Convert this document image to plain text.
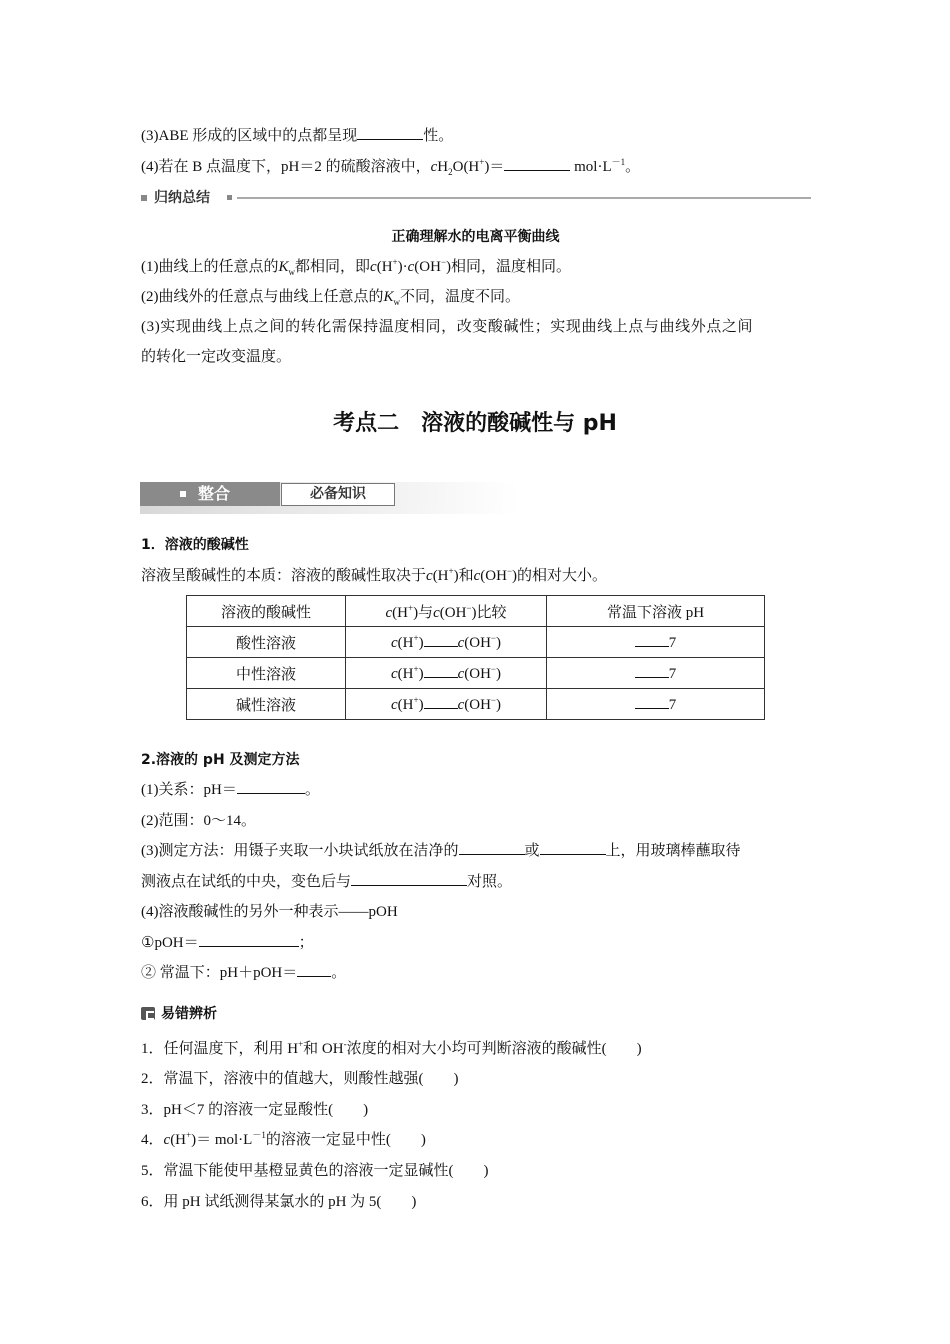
(3)ABE 形成的区域中的点都呈现	性。
(4)若在 B 点温度下，pH＝2 的硫酸溶液中，$cH_2O(H^+)=$	$mol\cdot L^{-1}$。
归纳总结
正确理解水的电离平衡曲线
(1)曲线上的任意点的$K_w$都相同，即c(H+)·c(OH−)相同，温度相同。
(2)曲线外的任意点与曲线上任意点的$K_w$不同，温度不同。
(3)实现曲线上点之间的转化需保持温度相同，改变酸碱性；实现曲线上点与曲线外点之间
的转化一定改变温度。
考点二　溶液的酸碱性与 pH
整合	必备知识
1．溶液的酸碱性
溶液呈酸碱性的本质：溶液的酸碱性取决于c(H+)和c(OH−)的相对大小。
溶液的酸碱性	c(H+)与c(OH−)比较	常温下溶液 pH
酸性溶液	c(H+) c(OH−)	7
中性溶液	c(H+) c(OH−)	7
碱性溶液	c(H+) c(OH−)	7
2.溶液的 pH 及测定方法
(1)关系：pH＝	。
(2)范围：0～14。
(3)测定方法：用镊子夹取一小块试纸放在洁净的	或	上，用玻璃棒蘸取待
测液点在试纸的中央，变色后与	对照。
(4)溶液酸碱性的另外一种表示——pOH
①pOH＝	；
② 常温下：pH＋pOH＝ 。
易错辨析
1．任何温度下，利用 H+和 OH-浓度的相对大小均可判断溶液的酸碱性(　　)
2．常温下，溶液中的值越大，则酸性越强(　　)
3．pH＜7 的溶液一定显酸性(　　)
4．$c(H^+)= mol\cdot L^{-1}$的溶液一定显中性(　　)
5．常温下能使甲基橙显黄色的溶液一定显碱性(　　)
6．用 pH 试纸测得某氯水的 pH 为 5(　　)
